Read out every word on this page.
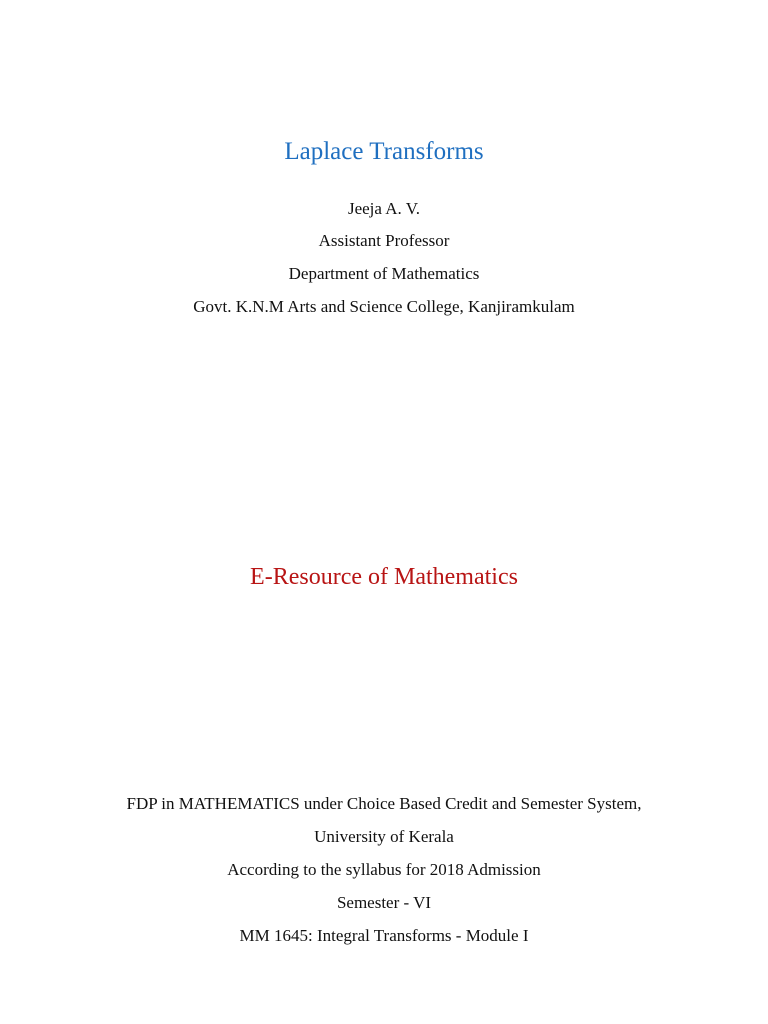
Laplace Transforms
Jeeja A. V.
Assistant Professor
Department of Mathematics
Govt. K.N.M Arts and Science College, Kanjiramkulam
E-Resource of Mathematics
FDP in MATHEMATICS under Choice Based Credit and Semester System,
University of Kerala
According to the syllabus for 2018 Admission
Semester - VI
MM 1645: Integral Transforms - Module I
